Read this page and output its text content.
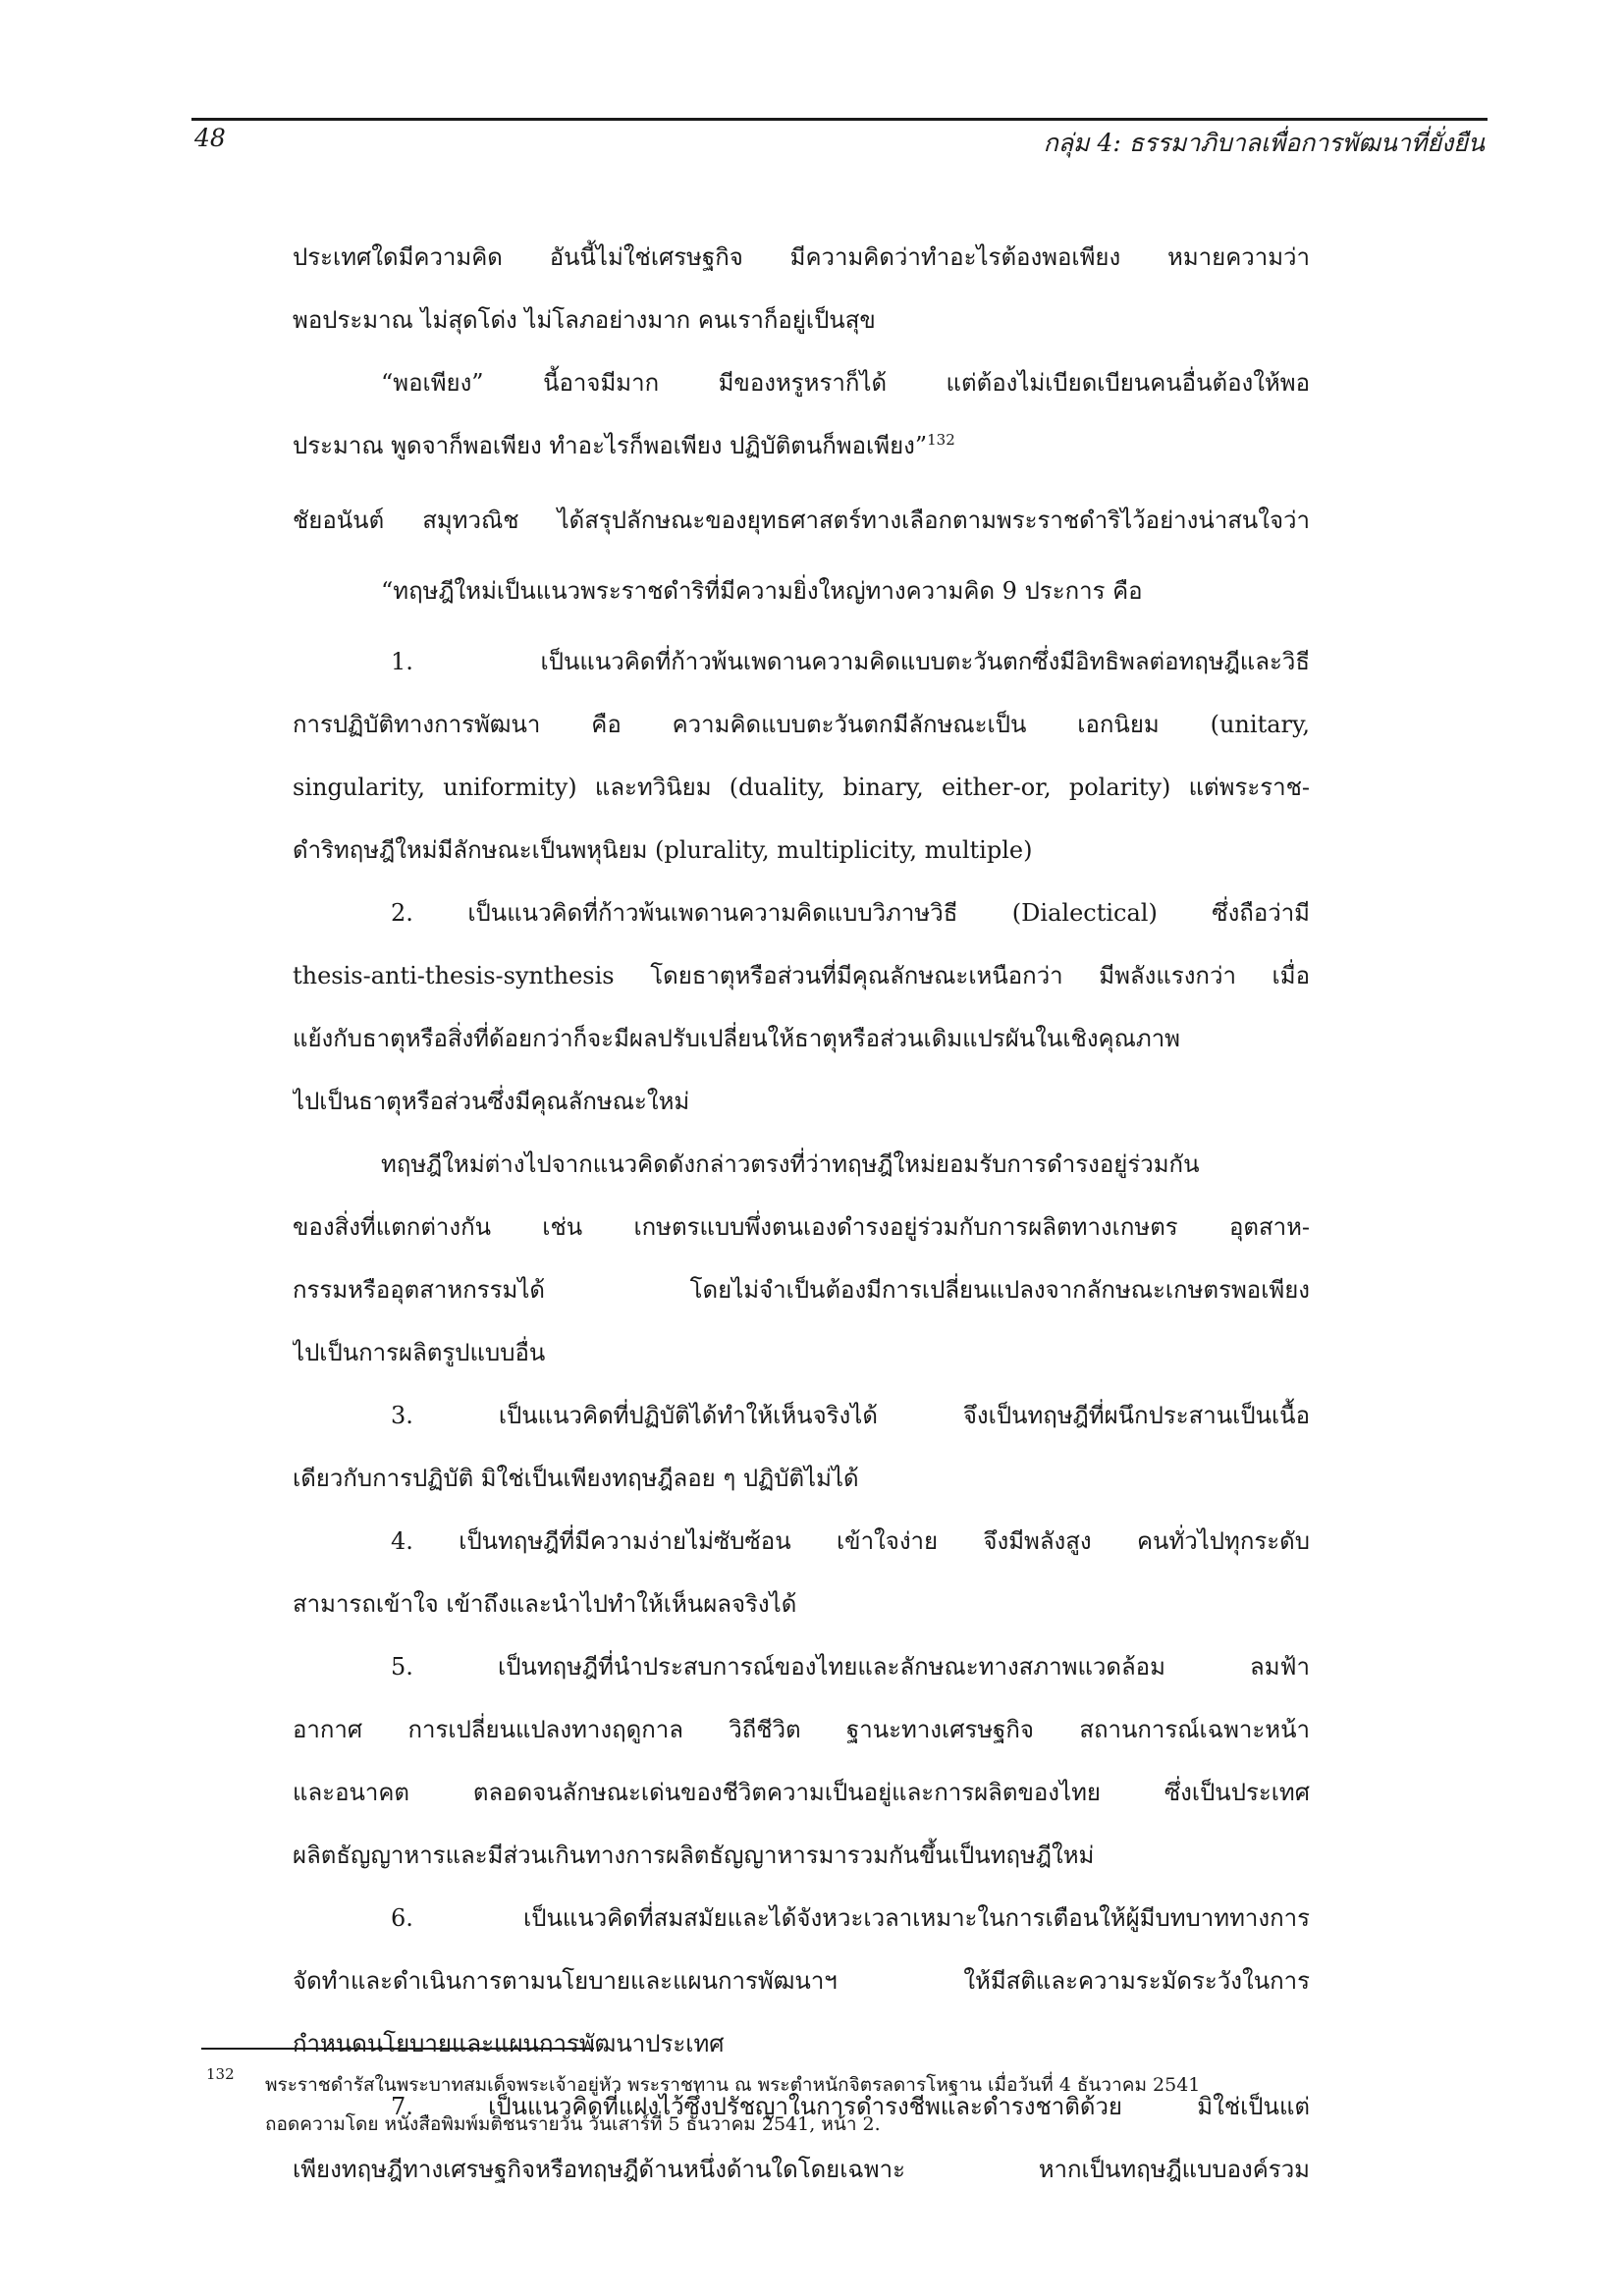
48	กลุ่ม 4: ธรรมาภิบาลเพื่อการพัฒนาที่ยั่งยืน
ประเทศใดมีความคิด อันนี้ไม่ใช่เศรษฐกิจ มีความคิดว่าทำอะไรต้องพอเพียง หมายความว่า
พอประมาณ ไม่สุดโด่ง ไม่โลภอย่างมาก คนเราก็อยู่เป็นสุข
“พอเพียง” นี้อาจมีมาก มีของหรูหราก็ได้ แต่ต้องไม่เบียดเบียนคนอื่นต้องให้พอ
ประมาณ พูดจาก็พอเพียง ทำอะไรก็พอเพียง ปฏิบัติตนก็พอเพียง”$^{132}$
ชัยอนันต์ สมุทวณิช ได้สรุปลักษณะของยุทธศาสตร์ทางเลือกตามพระราชดำริไว้อย่างน่าสนใจว่า
“ทฤษฎีใหม่เป็นแนวพระราชดำริที่มีความยิ่งใหญ่ทางความคิด 9 ประการ คือ
1. เป็นแนวคิดที่ก้าวพ้นเพดานความคิดแบบตะวันตกซึ่งมีอิทธิพลต่อทฤษฎีและวิธี
การปฏิบัติทางการพัฒนา คือ ความคิดแบบตะวันตกมีลักษณะเป็น เอกนิยม (unitary,
singularity, uniformity) และทวินิยม (duality, binary, either-or, polarity) แต่พระราช-
ดำริทฤษฎีใหม่มีลักษณะเป็นพหุนิยม (plurality, multiplicity, multiple)
2. เป็นแนวคิดที่ก้าวพ้นเพดานความคิดแบบวิภาษวิธี (Dialectical) ซึ่งถือว่ามี
thesis-anti-thesis-synthesis โดยธาตุหรือส่วนที่มีคุณลักษณะเหนือกว่า มีพลังแรงกว่า เมื่อ
แย้งกับธาตุหรือสิ่งที่ด้อยกว่าก็จะมีผลปรับเปลี่ยนให้ธาตุหรือส่วนเดิมแปรผันในเชิงคุณภาพ
ไปเป็นธาตุหรือส่วนซึ่งมีคุณลักษณะใหม่
ทฤษฎีใหม่ต่างไปจากแนวคิดดังกล่าวตรงที่ว่าทฤษฎีใหม่ยอมรับการดำรงอยู่ร่วมกัน
ของสิ่งที่แตกต่างกัน เช่น เกษตรแบบพึ่งตนเองดำรงอยู่ร่วมกับการผลิตทางเกษตร อุตสาห-
กรรมหรืออุตสาหกรรมได้ โดยไม่จำเป็นต้องมีการเปลี่ยนแปลงจากลักษณะเกษตรพอเพียง
ไปเป็นการผลิตรูปแบบอื่น
3. เป็นแนวคิดที่ปฏิบัติได้ทำให้เห็นจริงได้ จึงเป็นทฤษฎีที่ผนึกประสานเป็นเนื้อ
เดียวกับการปฏิบัติ มิใช่เป็นเพียงทฤษฎีลอย ๆ ปฏิบัติไม่ได้
4. เป็นทฤษฎีที่มีความง่ายไม่ซับซ้อน เข้าใจง่าย จึงมีพลังสูง คนทั่วไปทุกระดับ
สามารถเข้าใจ เข้าถึงและนำไปทำให้เห็นผลจริงได้
5. เป็นทฤษฎีที่นำประสบการณ์ของไทยและลักษณะทางสภาพแวดล้อม ลมฟ้า
อากาศ การเปลี่ยนแปลงทางฤดูกาล วิถีชีวิต ฐานะทางเศรษฐกิจ สถานการณ์เฉพาะหน้า
และอนาคต ตลอดจนลักษณะเด่นของชีวิตความเป็นอยู่และการผลิตของไทย ซึ่งเป็นประเทศ
ผลิตธัญญาหารและมีส่วนเกินทางการผลิตธัญญาหารมารวมกันขึ้นเป็นทฤษฎีใหม่
6. เป็นแนวคิดที่สมสมัยและได้จังหวะเวลาเหมาะในการเตือนให้ผู้มีบทบาททางการ
จัดทำและดำเนินการตามนโยบายและแผนการพัฒนาฯ ให้มีสติและความระมัดระวังในการ
กำหนดนโยบายและแผนการพัฒนาประเทศ
7. เป็นแนวคิดที่แฝงไว้ซึ่งปรัชญาในการดำรงชีพและดำรงชาติด้วย มิใช่เป็นแต่
เพียงทฤษฎีทางเศรษฐกิจหรือทฤษฎีด้านหนึ่งด้านใดโดยเฉพาะ หากเป็นทฤษฎีแบบองค์รวม
132 พระราชดำรัสในพระบาทสมเด็จพระเจ้าอยู่หัว พระราชทาน ณ พระตำหนักจิตรลดารโหฐาน เมื่อวันที่ 4 ธันวาคม 2541
ถอดความโดย หนังสือพิมพ์มติชนรายวัน วันเสาร์ที่ 5 ธันวาคม 2541, หน้า 2.
